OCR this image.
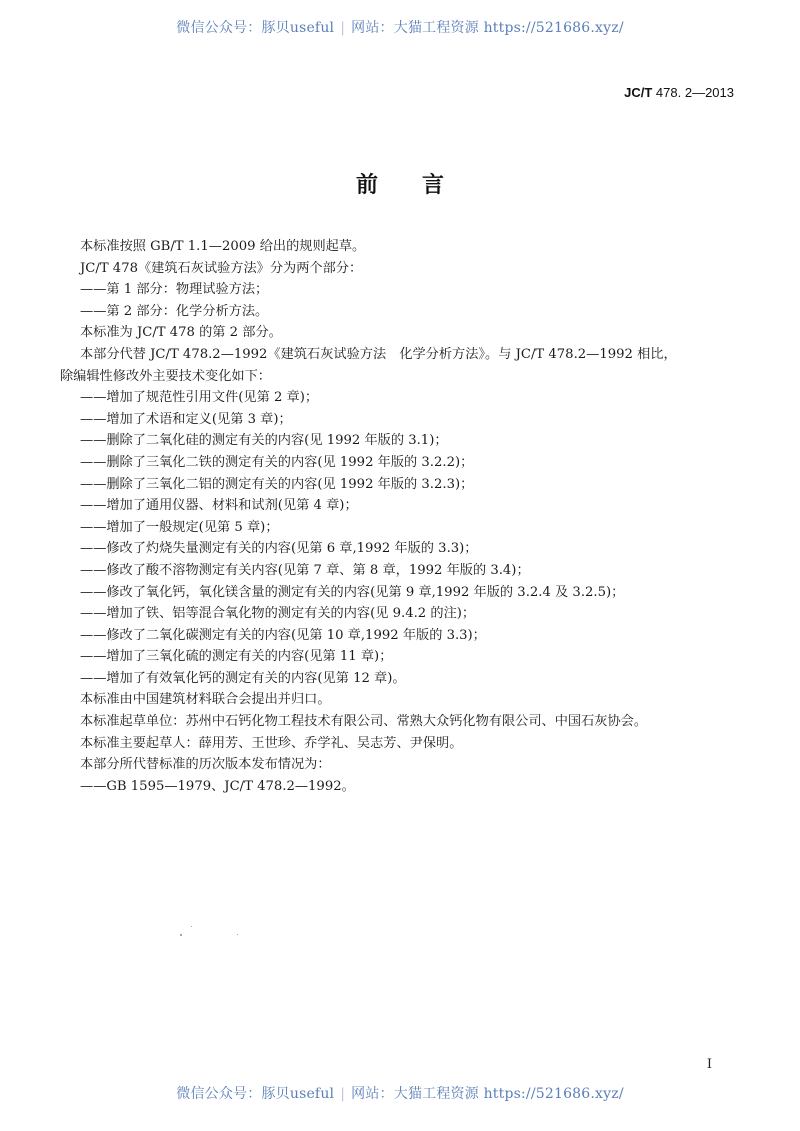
微信公众号：豚贝useful | 网站：大猫工程资源 https://521686.xyz/
JC/T 478. 2—2013
前言

本标准按照 GB/T 1.1—2009 给出的规则起草。

JC/T 478《建筑石灰试验方法》分为两个部分：

——第 1 部分：物理试验方法；

——第 2 部分：化学分析方法。

本标准为 JC/T 478 的第 2 部分。

本部分代替 JC/T 478.2—1992《建筑石灰试验方法　化学分析方法》。与 JC/T 478.2—1992 相比，

除编辑性修改外主要技术变化如下：

——增加了规范性引用文件(见第 2 章)；

——增加了术语和定义(见第 3 章)；

——删除了二氧化硅的测定有关的内容(见 1992 年版的 3.1)；

——删除了三氧化二铁的测定有关的内容(见 1992 年版的 3.2.2)；

——删除了三氧化二铝的测定有关的内容(见 1992 年版的 3.2.3)；

——增加了通用仪器、材料和试剂(见第 4 章)；

——增加了一般规定(见第 5 章)；

——修改了灼烧失量测定有关的内容(见第 6 章,1992 年版的 3.3)；

——修改了酸不溶物测定有关内容(见第 7 章、第 8 章，1992 年版的 3.4)；

——修改了氧化钙，氧化镁含量的测定有关的内容(见第 9 章,1992 年版的 3.2.4 及 3.2.5)；

——增加了铁、铝等混合氧化物的测定有关的内容(见 9.4.2 的注)；

——修改了二氧化碳测定有关的内容(见第 10 章,1992 年版的 3.3)；

——增加了三氧化硫的测定有关的内容(见第 11 章)；

——增加了有效氧化钙的测定有关的内容(见第 12 章)。

本标准由中国建筑材料联合会提出并归口。

本标准起草单位：苏州中石钙化物工程技术有限公司、常熟大众钙化物有限公司、中国石灰协会。

本标准主要起草人：薛用芳、王世珍、乔学礼、吴志芳、尹保明。

本部分所代替标准的历次版本发布情况为：

——GB 1595—1979、JC/T 478.2—1992。

I
微信公众号：豚贝useful | 网站：大猫工程资源 https://521686.xyz/
